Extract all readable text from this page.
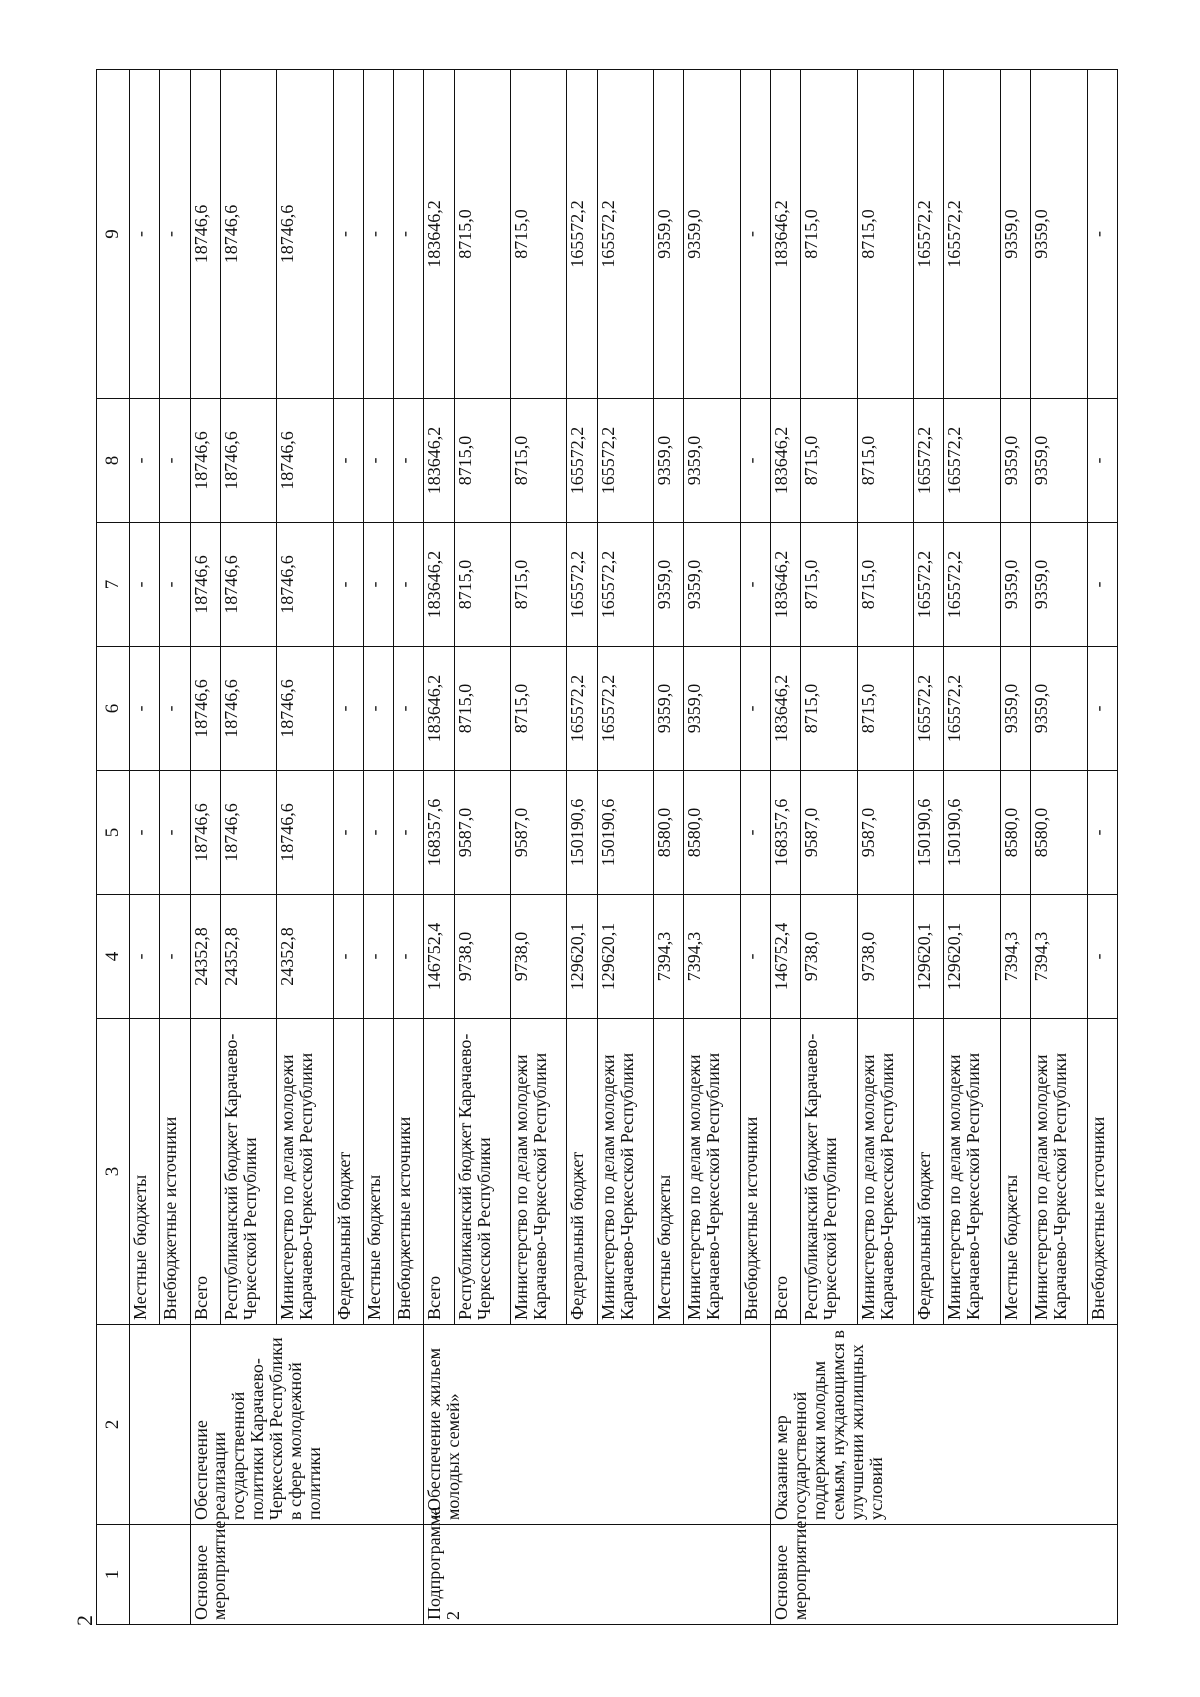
2
1	2	3	4	5	6	7	8	9
		Местные бюджеты	-	-	-	-	-	-
		Внебюджетные источники	-	-	-	-	-	-
Основное мероприятие	Обеспечение реализации государственной политики Карачаево-Черкесской Республики в сфере молодежной политики	Всего	24352,8	18746,6	18746,6	18746,6	18746,6	18746,6
		Республиканский бюджет Карачаево-Черкесской Республики	24352,8	18746,6	18746,6	18746,6	18746,6	18746,6
		Министерство по делам молодежи Карачаево-Черкесской Республики	24352,8	18746,6	18746,6	18746,6	18746,6	18746,6
		Федеральный бюджет	-	-	-	-	-	-
		Местные бюджеты	-	-	-	-	-	-
		Внебюджетные источники	-	-	-	-	-	-
Подпрограмма 2	«Обеспечение жильем молодых семей»	Всего	146752,4	168357,6	183646,2	183646,2	183646,2	183646,2
		Республиканский бюджет Карачаево-Черкесской Республики	9738,0	9587,0	8715,0	8715,0	8715,0	8715,0
		Министерство по делам молодежи Карачаево-Черкесской Республики	9738,0	9587,0	8715,0	8715,0	8715,0	8715,0
		Федеральный бюджет	129620,1	150190,6	165572,2	165572,2	165572,2	165572,2
		Министерство по делам молодежи Карачаево-Черкесской Республики	129620,1	150190,6	165572,2	165572,2	165572,2	165572,2
		Местные бюджеты	7394,3	8580,0	9359,0	9359,0	9359,0	9359,0
		Министерство по делам молодежи Карачаево-Черкесской Республики	7394,3	8580,0	9359,0	9359,0	9359,0	9359,0
		Внебюджетные источники	-	-	-	-	-	-
Основное мероприятие	Оказание мер государственной поддержки молодым семьям, нуждающимся в улучшении жилищных условий	Всего	146752,4	168357,6	183646,2	183646,2	183646,2	183646,2
		Республиканский бюджет Карачаево-Черкесской Республики	9738,0	9587,0	8715,0	8715,0	8715,0	8715,0
		Министерство по делам молодежи Карачаево-Черкесской Республики	9738,0	9587,0	8715,0	8715,0	8715,0	8715,0
		Федеральный бюджет	129620,1	150190,6	165572,2	165572,2	165572,2	165572,2
		Министерство по делам молодежи Карачаево-Черкесской Республики	129620,1	150190,6	165572,2	165572,2	165572,2	165572,2
		Местные бюджеты	7394,3	8580,0	9359,0	9359,0	9359,0	9359,0
		Министерство по делам молодежи Карачаево-Черкесской Республики	7394,3	8580,0	9359,0	9359,0	9359,0	9359,0
		Внебюджетные источники	-	-	-	-	-	-
